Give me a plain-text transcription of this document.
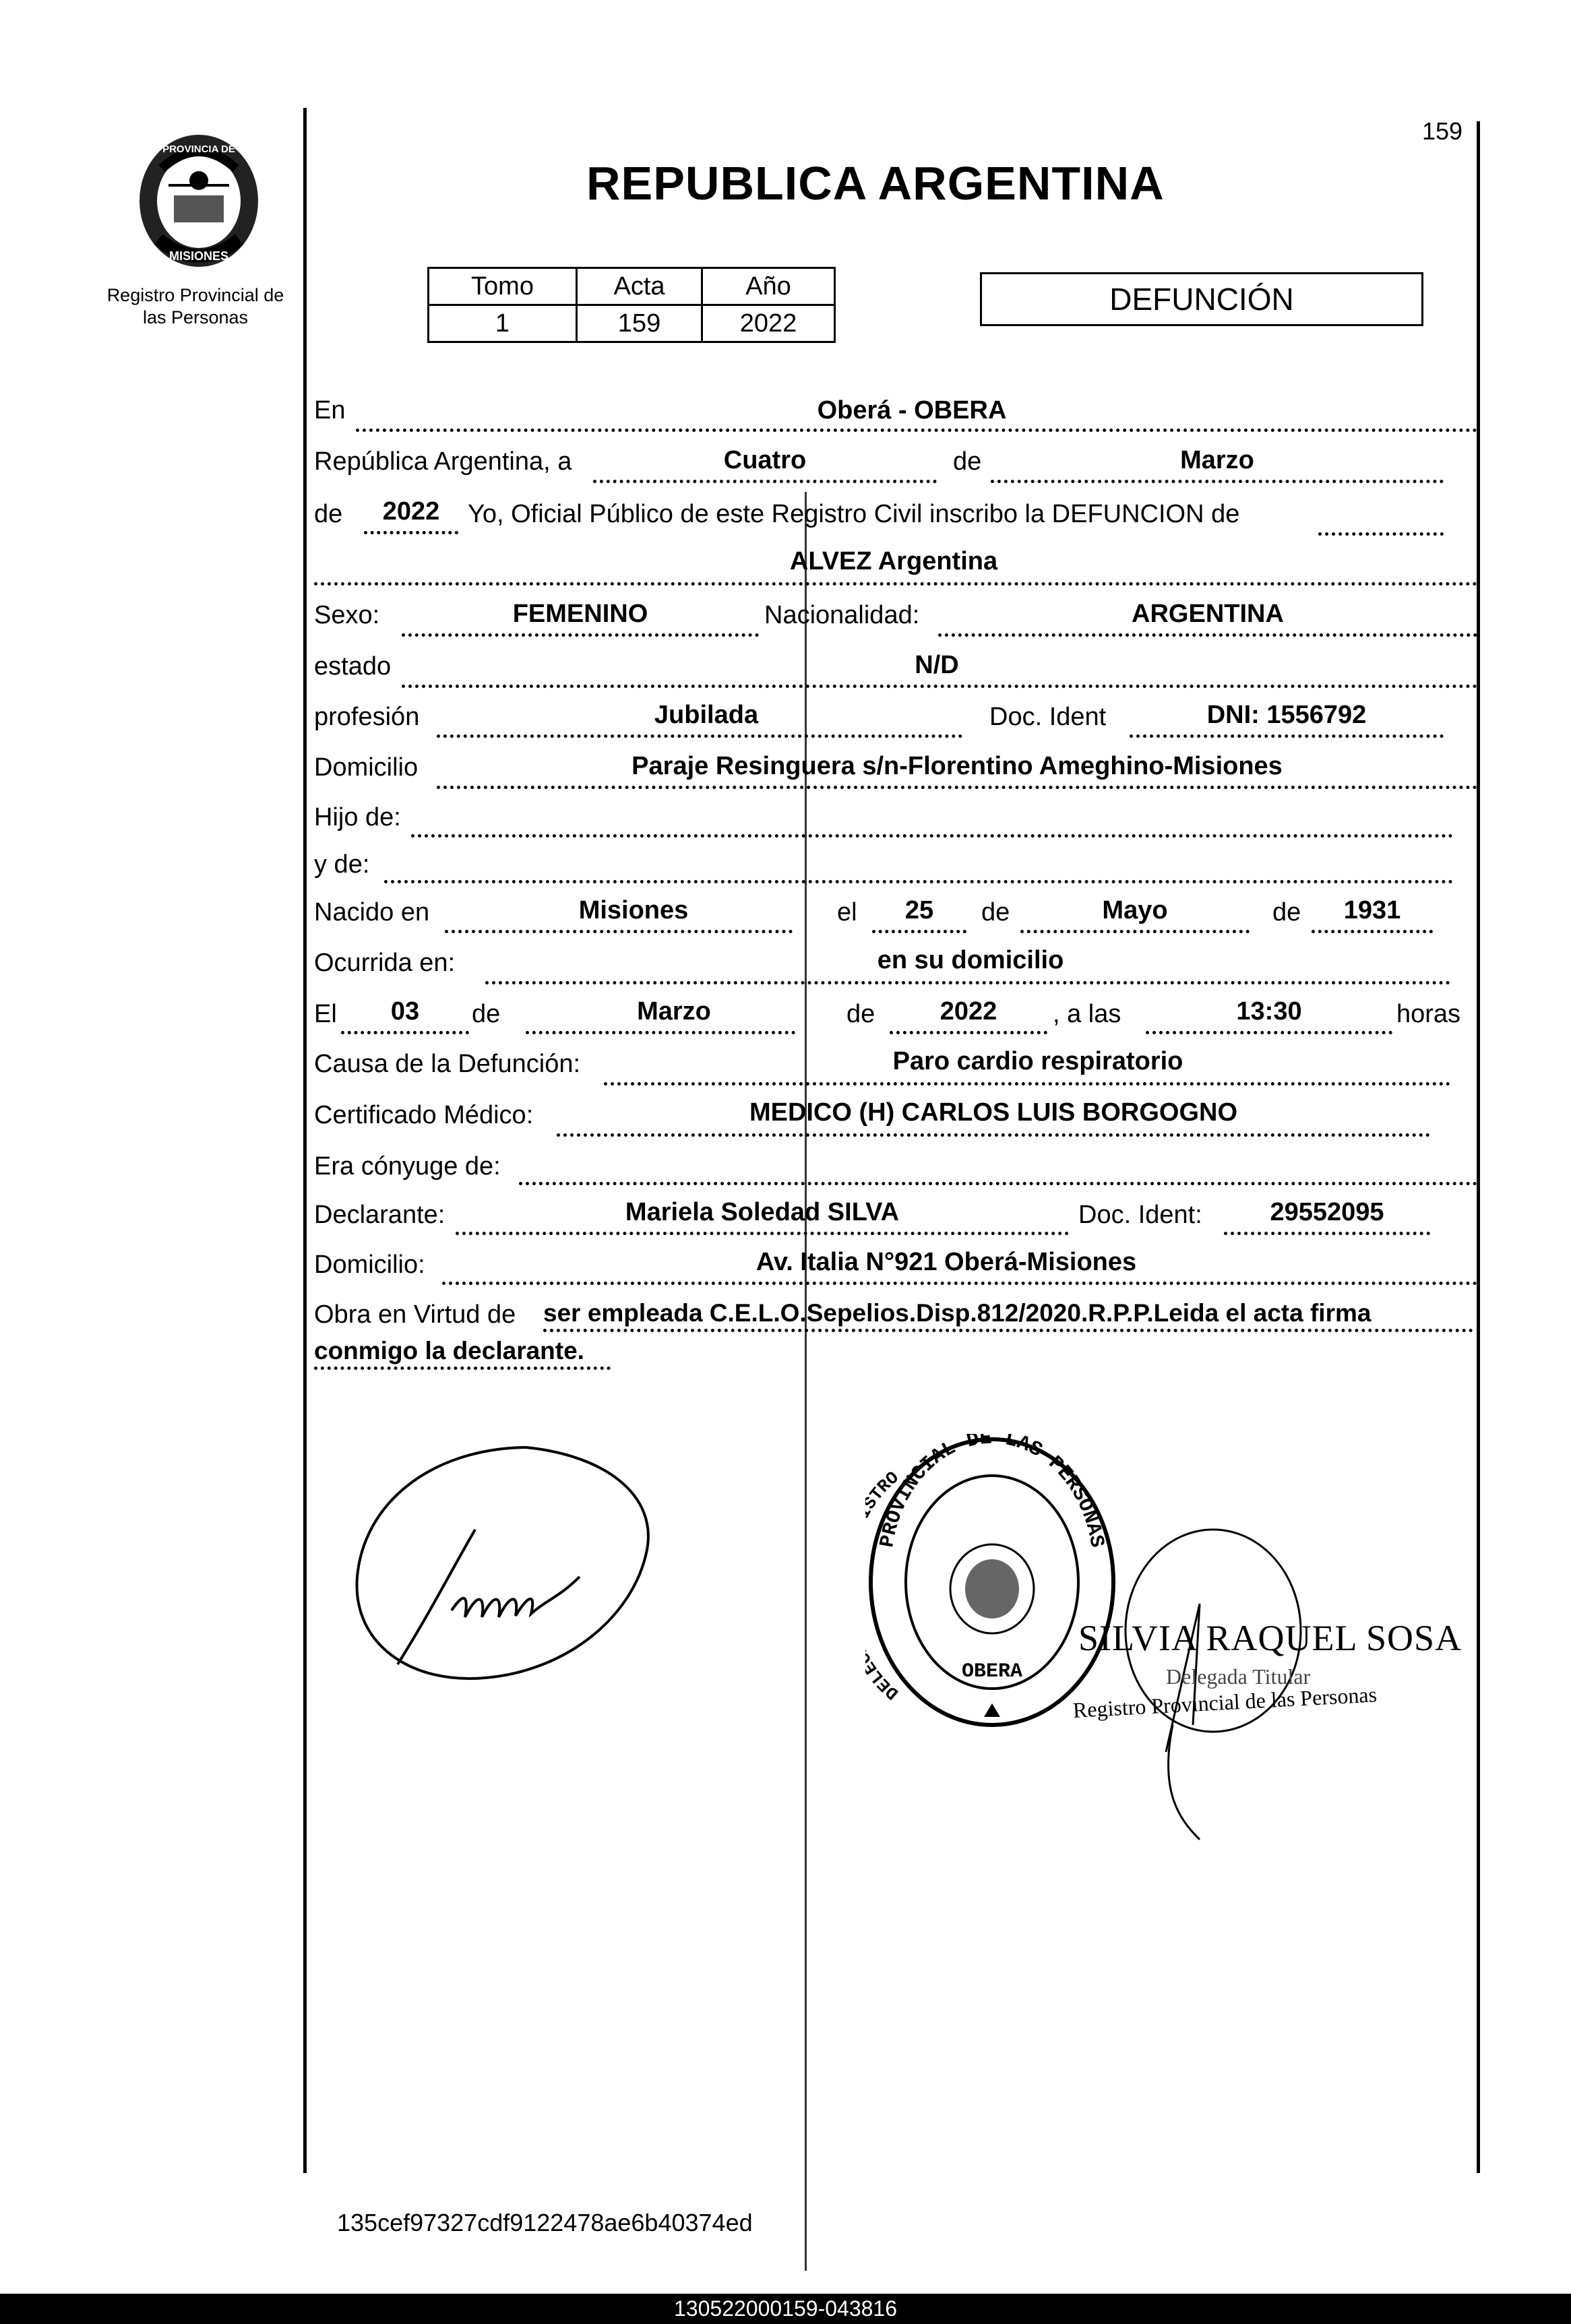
PROVINCIA DE
MISIONES
Registro Provincial de
las Personas
159
REPUBLICA ARGENTINA
Tomo	Acta	Año
1	159	2022
DEFUNCIÓN
En	Oberá - OBERA
República Argentina, a	Cuatro	de	Marzo
de	2022	Yo, Oficial Público de este Registro Civil inscribo la DEFUNCION de
ALVEZ Argentina
Sexo:	FEMENINO	Nacionalidad:	ARGENTINA
estado	N/D
profesión	Jubilada	Doc. Ident	DNI: 1556792
Domicilio	Paraje Resinguera s/n-Florentino Ameghino-Misiones
Hijo de:
y de:
Nacido en	Misiones	el	25	de	Mayo	de	1931
Ocurrida en:	en su domicilio
El	03	de	Marzo	de	2022	, a las	13:30	horas
Causa de la Defunción:	Paro cardio respiratorio
Certificado Médico:	MEDICO (H) CARLOS LUIS BORGOGNO
Era cónyuge de:
Declarante:	Mariela Soledad SILVA	Doc. Ident:	29552095
Domicilio:	Av. Italia N°921 Oberá-Misiones
Obra en Virtud de ser empleada C.E.L.O.Sepelios.Disp.812/2020.R.P.P.Leida el acta firma
conmigo la declarante.
PROVINCIAL DE LAS PERSONAS
DEL TRO
OBERA
SILVIA RAQUEL SOSA
Delegada Titular
Registro Provincial de las Personas
135cef97327cdf9122478ae6b40374ed
130522000159-043816
